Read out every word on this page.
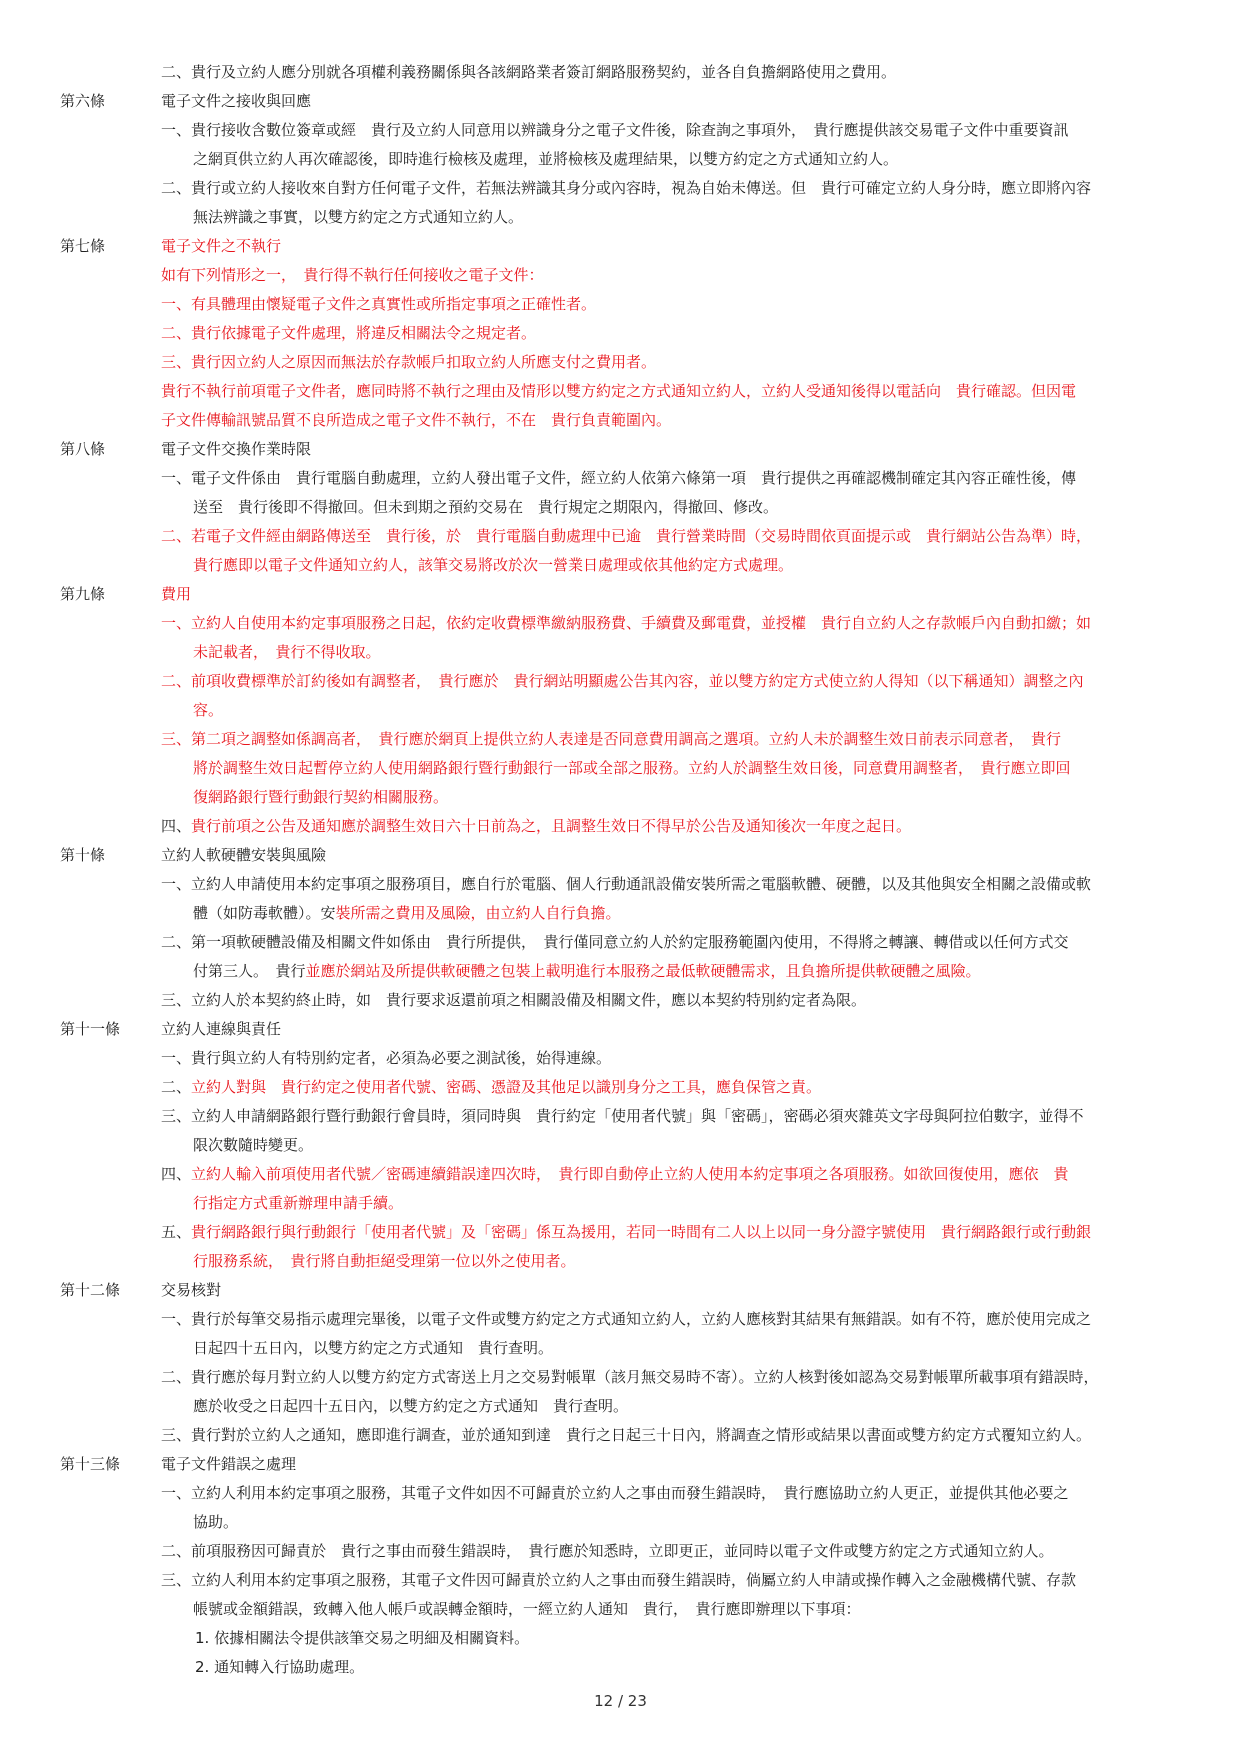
二、貴行及立約人應分別就各項權利義務關係與各該網路業者簽訂網路服務契約，並各自負擔網路使用之費用。
第六條	電子文件之接收與回應
一、貴行接收含數位簽章或經　貴行及立約人同意用以辨識身分之電子文件後，除查詢之事項外，　貴行應提供該交易電子文件中重要資訊
之網頁供立約人再次確認後，即時進行檢核及處理，並將檢核及處理結果，以雙方約定之方式通知立約人。
二、貴行或立約人接收來自對方任何電子文件，若無法辨識其身分或內容時，視為自始未傳送。但　貴行可確定立約人身分時，應立即將內容
無法辨識之事實，以雙方約定之方式通知立約人。
第七條	電子文件之不執行
如有下列情形之一，　貴行得不執行任何接收之電子文件：
一、有具體理由懷疑電子文件之真實性或所指定事項之正確性者。
二、貴行依據電子文件處理，將違反相關法令之規定者。
三、貴行因立約人之原因而無法於存款帳戶扣取立約人所應支付之費用者。
貴行不執行前項電子文件者，應同時將不執行之理由及情形以雙方約定之方式通知立約人，立約人受通知後得以電話向　貴行確認。但因電
子文件傳輸訊號品質不良所造成之電子文件不執行，不在　貴行負責範圍內。
第八條	電子文件交換作業時限
一、電子文件係由　貴行電腦自動處理，立約人發出電子文件，經立約人依第六條第一項　貴行提供之再確認機制確定其內容正確性後，傳
送至　貴行後即不得撤回。但未到期之預約交易在　貴行規定之期限內，得撤回、修改。
二、若電子文件經由網路傳送至　貴行後，於　貴行電腦自動處理中已逾　貴行營業時間（交易時間依頁面提示或　貴行網站公告為準）時，
貴行應即以電子文件通知立約人，該筆交易將改於次一營業日處理或依其他約定方式處理。
第九條	費用
一、立約人自使用本約定事項服務之日起，依約定收費標準繳納服務費、手續費及郵電費，並授權　貴行自立約人之存款帳戶內自動扣繳；如
未記載者，　貴行不得收取。
二、前項收費標準於訂約後如有調整者，　貴行應於　貴行網站明顯處公告其內容，並以雙方約定方式使立約人得知（以下稱通知）調整之內
容。
三、第二項之調整如係調高者，　貴行應於網頁上提供立約人表達是否同意費用調高之選項。立約人未於調整生效日前表示同意者，　貴行
將於調整生效日起暫停立約人使用網路銀行暨行動銀行一部或全部之服務。立約人於調整生效日後，同意費用調整者，　貴行應立即回
復網路銀行暨行動銀行契約相關服務。
四、貴行前項之公告及通知應於調整生效日六十日前為之，且調整生效日不得早於公告及通知後次一年度之起日。
第十條	立約人軟硬體安裝與風險
一、立約人申請使用本約定事項之服務項目，應自行於電腦、個人行動通訊設備安裝所需之電腦軟體、硬體，以及其他與安全相關之設備或軟
體（如防毒軟體）。安裝所需之費用及風險，由立約人自行負擔。
二、第一項軟硬體設備及相關文件如係由　貴行所提供，　貴行僅同意立約人於約定服務範圍內使用，不得將之轉讓、轉借或以任何方式交
付第三人。　貴行並應於網站及所提供軟硬體之包裝上載明進行本服務之最低軟硬體需求，且負擔所提供軟硬體之風險。
三、立約人於本契約終止時，如　貴行要求返還前項之相關設備及相關文件，應以本契約特別約定者為限。
第十一條	立約人連線與責任
一、貴行與立約人有特別約定者，必須為必要之測試後，始得連線。
二、立約人對與　貴行約定之使用者代號、密碼、憑證及其他足以識別身分之工具，應負保管之責。
三、立約人申請網路銀行暨行動銀行會員時，須同時與　貴行約定「使用者代號」與「密碼」，密碼必須夾雜英文字母與阿拉伯數字，並得不
限次數隨時變更。
四、立約人輸入前項使用者代號／密碼連續錯誤達四次時，　貴行即自動停止立約人使用本約定事項之各項服務。如欲回復使用，應依　貴
行指定方式重新辦理申請手續。
五、貴行網路銀行與行動銀行「使用者代號」及「密碼」係互為援用，若同一時間有二人以上以同一身分證字號使用　貴行網路銀行或行動銀
行服務系統，　貴行將自動拒絕受理第一位以外之使用者。
第十二條	交易核對
一、貴行於每筆交易指示處理完畢後，以電子文件或雙方約定之方式通知立約人，立約人應核對其結果有無錯誤。如有不符，應於使用完成之
日起四十五日內，以雙方約定之方式通知　貴行查明。
二、貴行應於每月對立約人以雙方約定方式寄送上月之交易對帳單（該月無交易時不寄）。立約人核對後如認為交易對帳單所載事項有錯誤時，
應於收受之日起四十五日內，以雙方約定之方式通知　貴行查明。
三、貴行對於立約人之通知，應即進行調查，並於通知到達　貴行之日起三十日內，將調查之情形或結果以書面或雙方約定方式覆知立約人。
第十三條	電子文件錯誤之處理
一、立約人利用本約定事項之服務，其電子文件如因不可歸責於立約人之事由而發生錯誤時，　貴行應協助立約人更正，並提供其他必要之
協助。
二、前項服務因可歸責於　貴行之事由而發生錯誤時，　貴行應於知悉時，立即更正，並同時以電子文件或雙方約定之方式通知立約人。
三、立約人利用本約定事項之服務，其電子文件因可歸責於立約人之事由而發生錯誤時，倘屬立約人申請或操作轉入之金融機構代號、存款
帳號或金額錯誤，致轉入他人帳戶或誤轉金額時，一經立約人通知　貴行，　貴行應即辦理以下事項：
1. 依據相關法令提供該筆交易之明細及相關資料。
2. 通知轉入行協助處理。
12 / 23
